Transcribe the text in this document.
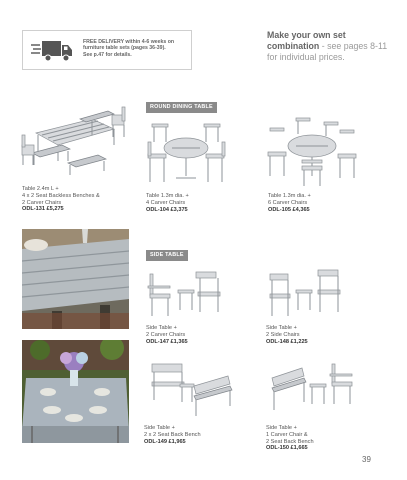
FREE DELIVERY within 4-6 weeks on
furniture table sets (pages 36-39).
See p.47 for details.
Make your own set
combination - see pages 8-11 for individual prices.
ROUND DINING TABLE
SIDE TABLE
Table 2.4m L +
4 x 2 Seat Backless Benches &
2 Carver Chairs
ODL-131 £5,275
Table 1.3m dia. +
4 Carver Chairs
ODL-104 £3,375
Table 1.3m dia. +
6 Carver Chairs
ODL-105 £4,365
Side Table +
2 Carver Chairs
ODL-147 £1,365
Side Table +
2 Side Chairs
ODL-148 £1,225
Side Table +
2 x 2 Seat Back Bench
ODL-149 £1,965
Side Table +
1 Carver Chair &
2 Seat Back Bench
ODL-150 £1,665
39
